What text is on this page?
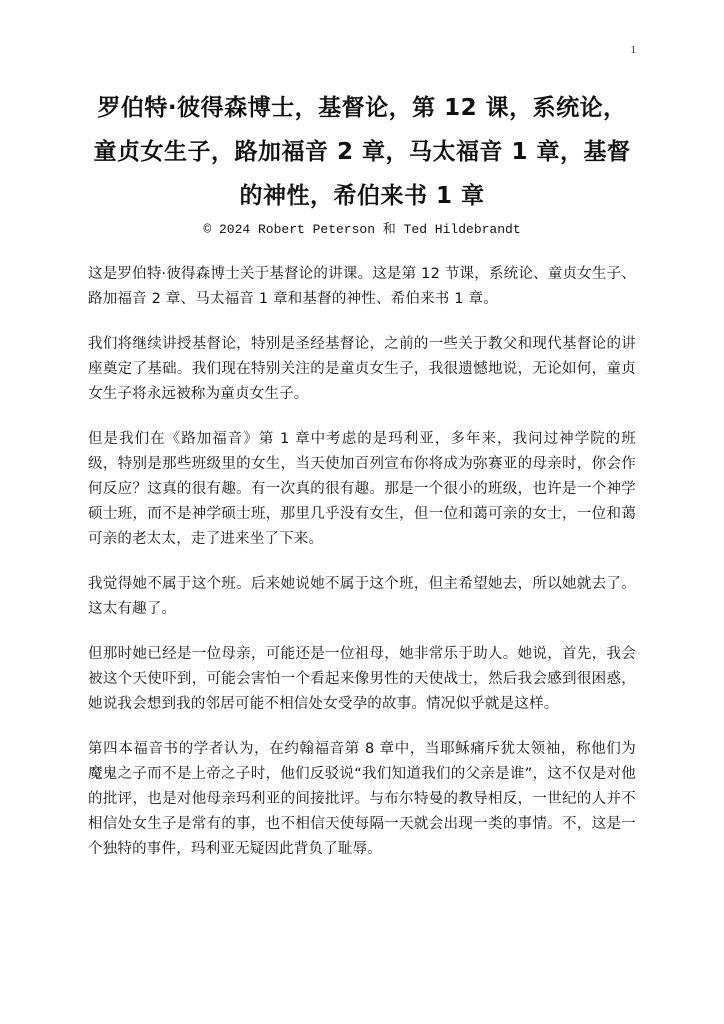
1
罗伯特·彼得森博士，基督论，第 12 课，系统论，童贞女生子，路加福音 2 章，马太福音 1 章，基督的神性，希伯来书 1 章
© 2024 Robert Peterson 和 Ted Hildebrandt

这是罗伯特·彼得森博士关于基督论的讲课。这是第 12 节课，系统论、童贞女生子、路加福音 2 章、马太福音 1 章和基督的神性、希伯来书 1 章。

我们将继续讲授基督论，特别是圣经基督论，之前的一些关于教父和现代基督论的讲座奠定了基础。我们现在特别关注的是童贞女生子，我很遗憾地说，无论如何，童贞女生子将永远被称为童贞女生子。

但是我们在《路加福音》第 1 章中考虑的是玛利亚，多年来，我问过神学院的班级，特别是那些班级里的女生，当天使加百列宣布你将成为弥赛亚的母亲时，你会作何反应？这真的很有趣。有一次真的很有趣。那是一个很小的班级，也许是一个神学硕士班，而不是神学硕士班，那里几乎没有女生，但一位和蔼可亲的女士，一位和蔼可亲的老太太，走了进来坐了下来。

我觉得她不属于这个班。后来她说她不属于这个班，但主希望她去，所以她就去了。这太有趣了。

但那时她已经是一位母亲，可能还是一位祖母，她非常乐于助人。她说，首先，我会被这个天使吓到，可能会害怕一个看起来像男性的天使战士，然后我会感到很困惑，她说我会想到我的邻居可能不相信处女受孕的故事。情况似乎就是这样。

第四本福音书的学者认为，在约翰福音第 8 章中，当耶稣痛斥犹太领袖，称他们为魔鬼之子而不是上帝之子时，他们反驳说“我们知道我们的父亲是谁”，这不仅是对他的批评，也是对他母亲玛利亚的间接批评。与布尔特曼的教导相反，一世纪的人并不相信处女生子是常有的事，也不相信天使每隔一天就会出现一类的事情。不，这是一个独特的事件，玛利亚无疑因此背负了耻辱。
